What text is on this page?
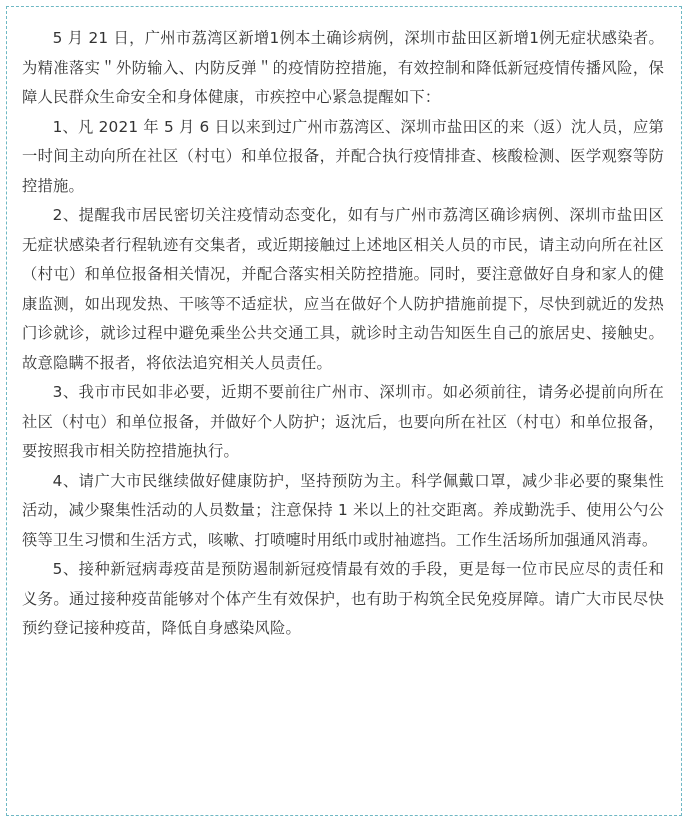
5 月 21 日，广州市荔湾区新增1例本土确诊病例，深圳市盐田区新增1例无症状感染者。为精准落实＂外防输入、内防反弹＂的疫情防控措施，有效控制和降低新冠疫情传播风险，保障人民群众生命安全和身体健康，市疾控中心紧急提醒如下：

1、凡 2021 年 5 月 6 日以来到过广州市荔湾区、深圳市盐田区的来（返）沈人员，应第一时间主动向所在社区（村屯）和单位报备，并配合执行疫情排查、核酸检测、医学观察等防控措施。

2、提醒我市居民密切关注疫情动态变化，如有与广州市荔湾区确诊病例、深圳市盐田区无症状感染者行程轨迹有交集者，或近期接触过上述地区相关人员的市民，请主动向所在社区（村屯）和单位报备相关情况，并配合落实相关防控措施。同时，要注意做好自身和家人的健康监测，如出现发热、干咳等不适症状，应当在做好个人防护措施前提下，尽快到就近的发热门诊就诊，就诊过程中避免乘坐公共交通工具，就诊时主动告知医生自己的旅居史、接触史。故意隐瞒不报者，将依法追究相关人员责任。

3、我市市民如非必要，近期不要前往广州市、深圳市。如必须前往，请务必提前向所在社区（村屯）和单位报备，并做好个人防护；返沈后，也要向所在社区（村屯）和单位报备，要按照我市相关防控措施执行。

4、请广大市民继续做好健康防护，坚持预防为主。科学佩戴口罩，减少非必要的聚集性活动，减少聚集性活动的人员数量；注意保持 1 米以上的社交距离。养成勤洗手、使用公勺公筷等卫生习惯和生活方式，咳嗽、打喷嚏时用纸巾或肘袖遮挡。工作生活场所加强通风消毒。

5、接种新冠病毒疫苗是预防遏制新冠疫情最有效的手段，更是每一位市民应尽的责任和义务。通过接种疫苗能够对个体产生有效保护，也有助于构筑全民免疫屏障。请广大市民尽快预约登记接种疫苗，降低自身感染风险。
